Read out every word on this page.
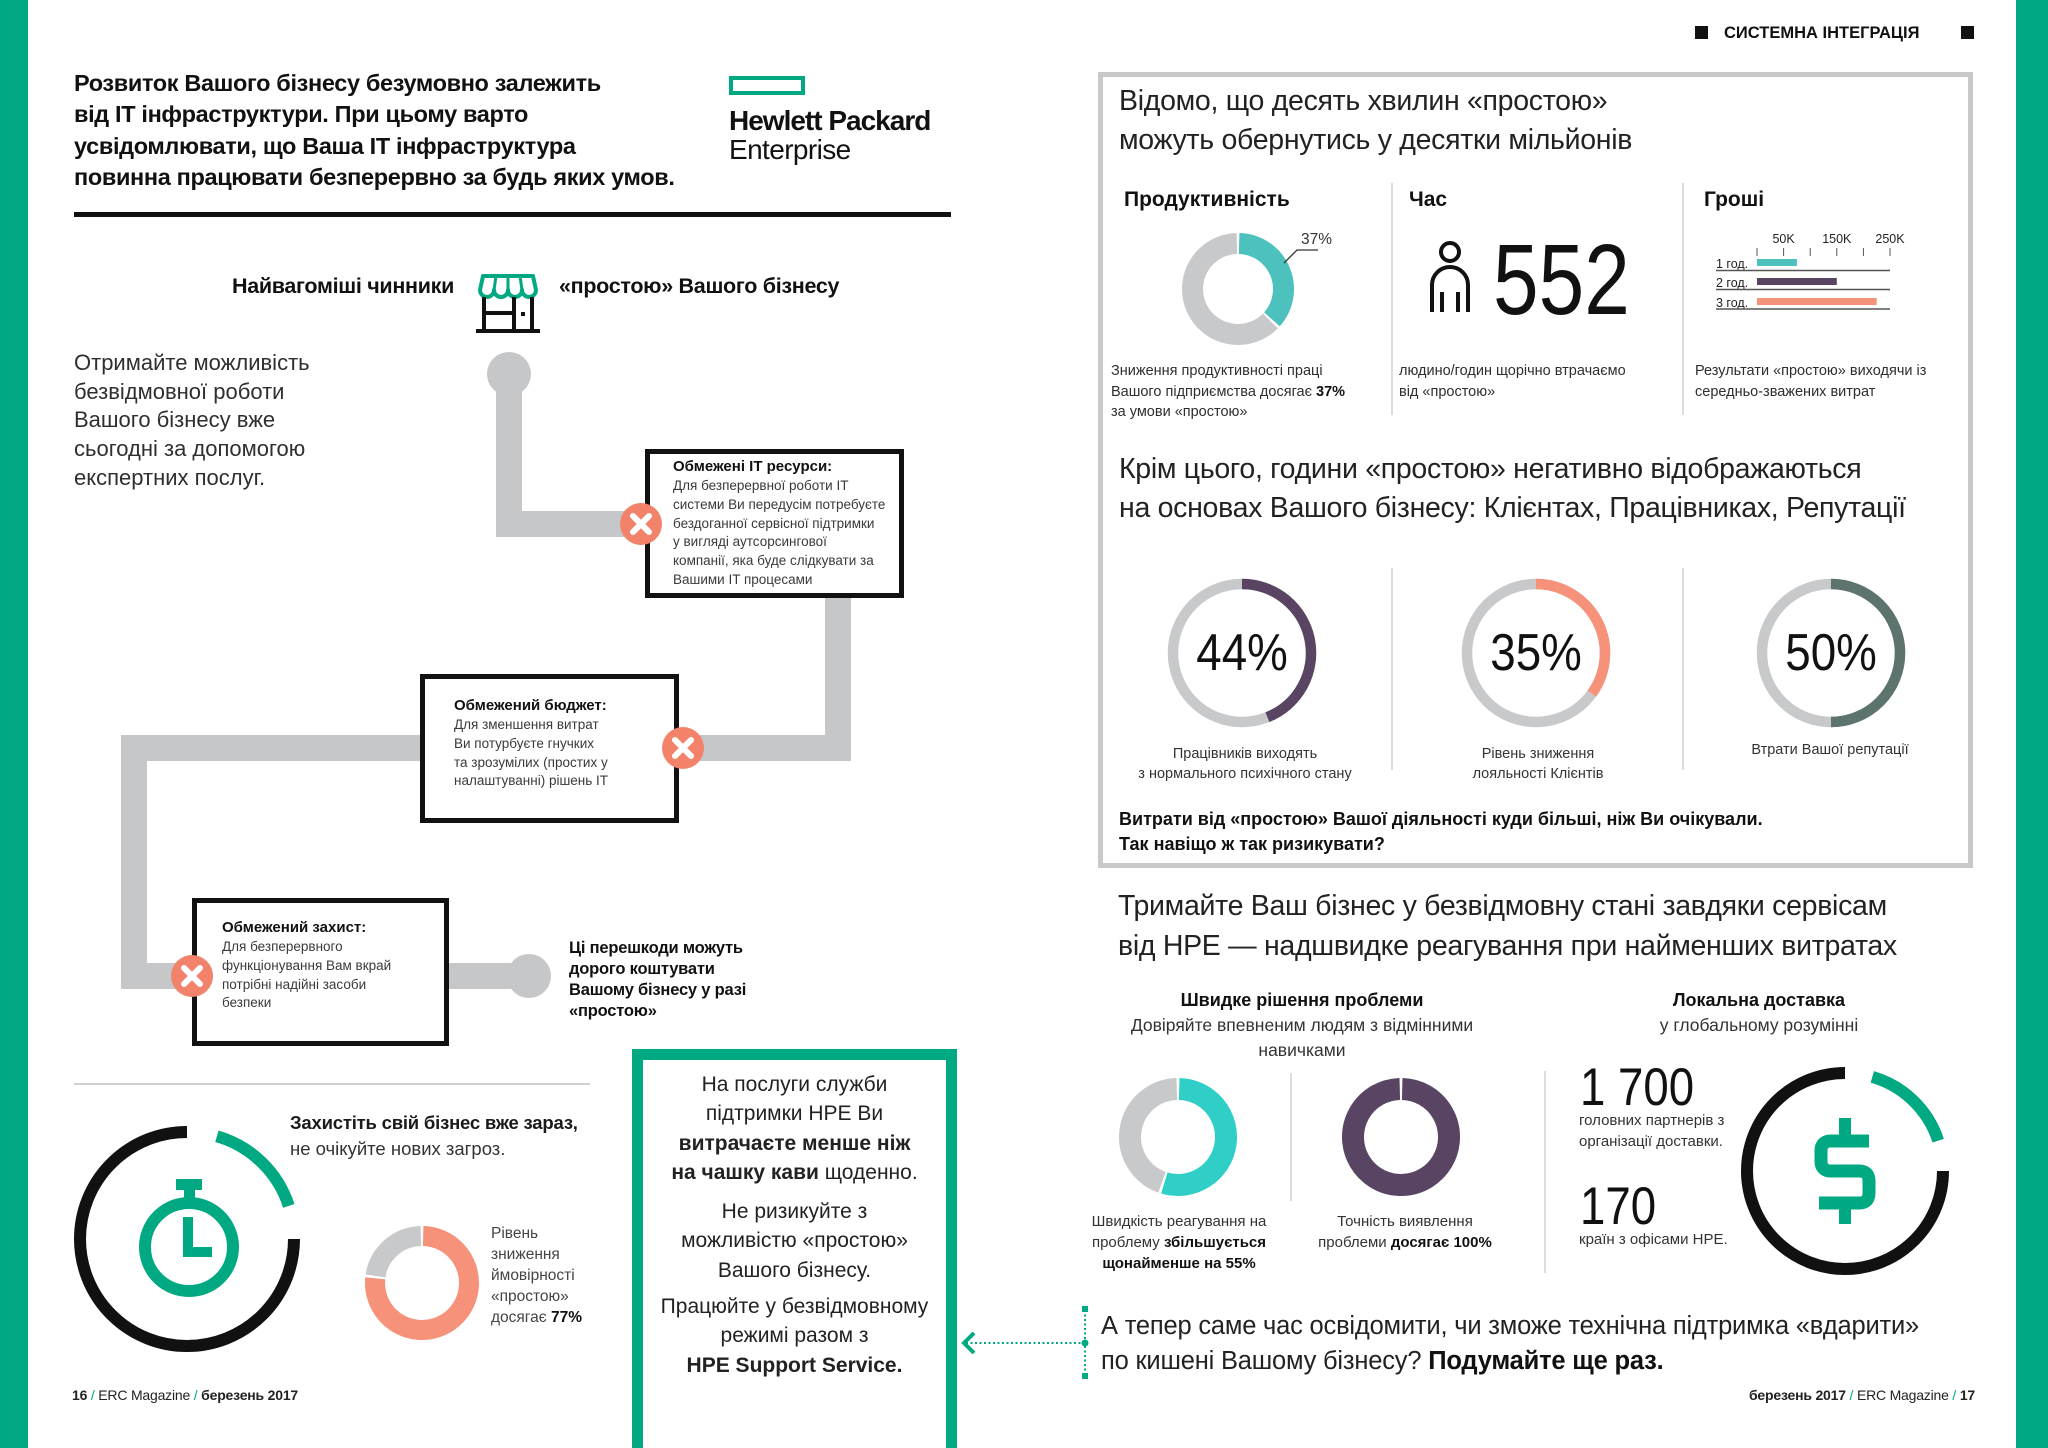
Розвиток Вашого бізнесу безумовно залежить
від IT інфраструктури. При цьому варто
усвідомлювати, що Ваша IT інфраструктура
повинна працювати безперервно за будь яких умов.
Hewlett Packard
Enterprise
Найвагоміші чинники	«простою» Вашого бізнесу
Отримайте можливість
безвідмовної роботи
Вашого бізнесу вже
сьогодні за допомогою
експертних послуг.	Обмежені IT ресурси:
Для безперервної роботи IT
системи Ви передусім потребуєте
бездоганної сервісної підтримки
у вигляді аутсорсингової
компанії, яка буде слідкувати за
Вашими IT процесами
Обмежений бюджет:
Для зменшення витрат
Ви потурбуєте гнучких
та зрозумілих (простих у
налаштуванні) рішень IT
Обмежений захист:
Для безперервного
функціонування Вам вкрай
потрібні надійні засоби
безпеки
Ці перешкоди можуть
дорого коштувати
Вашому бізнесу у разі
«простою»
Захистіть свій бізнес вже зараз,
не очікуйте нових загроз.
Рівень
зниження
ймовірності
«простою»
досягає 77%
16 / ERC Magazine / березень 2017
На послуги служби
підтримки HPE Ви
витрачаєте менше ніж
на чашку кави щоденно.
Не ризикуйте з
можливістю «простою»
Вашого бізнесу.
Працюйте у безвідмовному
режимі разом з
HPE Support Service.
СИСТЕМНА ІНТЕГРАЦІЯ
Відомо, що десять хвилин «простою»
можуть обернутись у десятки мільйонів
Продуктивність	Час	Гроші
37%
Зниження продуктивності праці
Вашого підприємства досягає 37%
за умови «простою»
552
людино/годин щорічно втрачаємо
від «простою»
50K 150K 250K
1 год.
2 год.
3 год.
Результати «простою» виходячи із
середньо-зважених витрат
Крім цього, години «простою» негативно відображаються
на основах Вашого бізнесу: Клієнтах, Працівниках, Репутації
44%
Працівників виходять
з нормального психічного стану
35%
Рівень зниження
лояльності Клієнтів
50%
Втрати Вашої репутації
Витрати від «простою» Вашої діяльності куди більші, ніж Ви очікували.
Так навіщо ж так ризикувати?
Тримайте Ваш бізнес у безвідмовну стані завдяки сервісам
від HPE — надшвидке реагування при найменших витратах
Швидке рішення проблеми
Довіряйте впевненим людям з відмінними
навичками
Локальна доставка
у глобальному розумінні
Швидкість реагування на
проблему збільшується
щонайменше на 55%
Точність виявлення
проблеми досягає 100%
1 700
головних партнерів з
організації доставки.
170
країн з офісами HPE.
А тепер саме час освідомити, чи зможе технічна підтримка «вдарити»
по кишені Вашому бізнесу? Подумайте ще раз.
березень 2017 / ERC Magazine / 17
